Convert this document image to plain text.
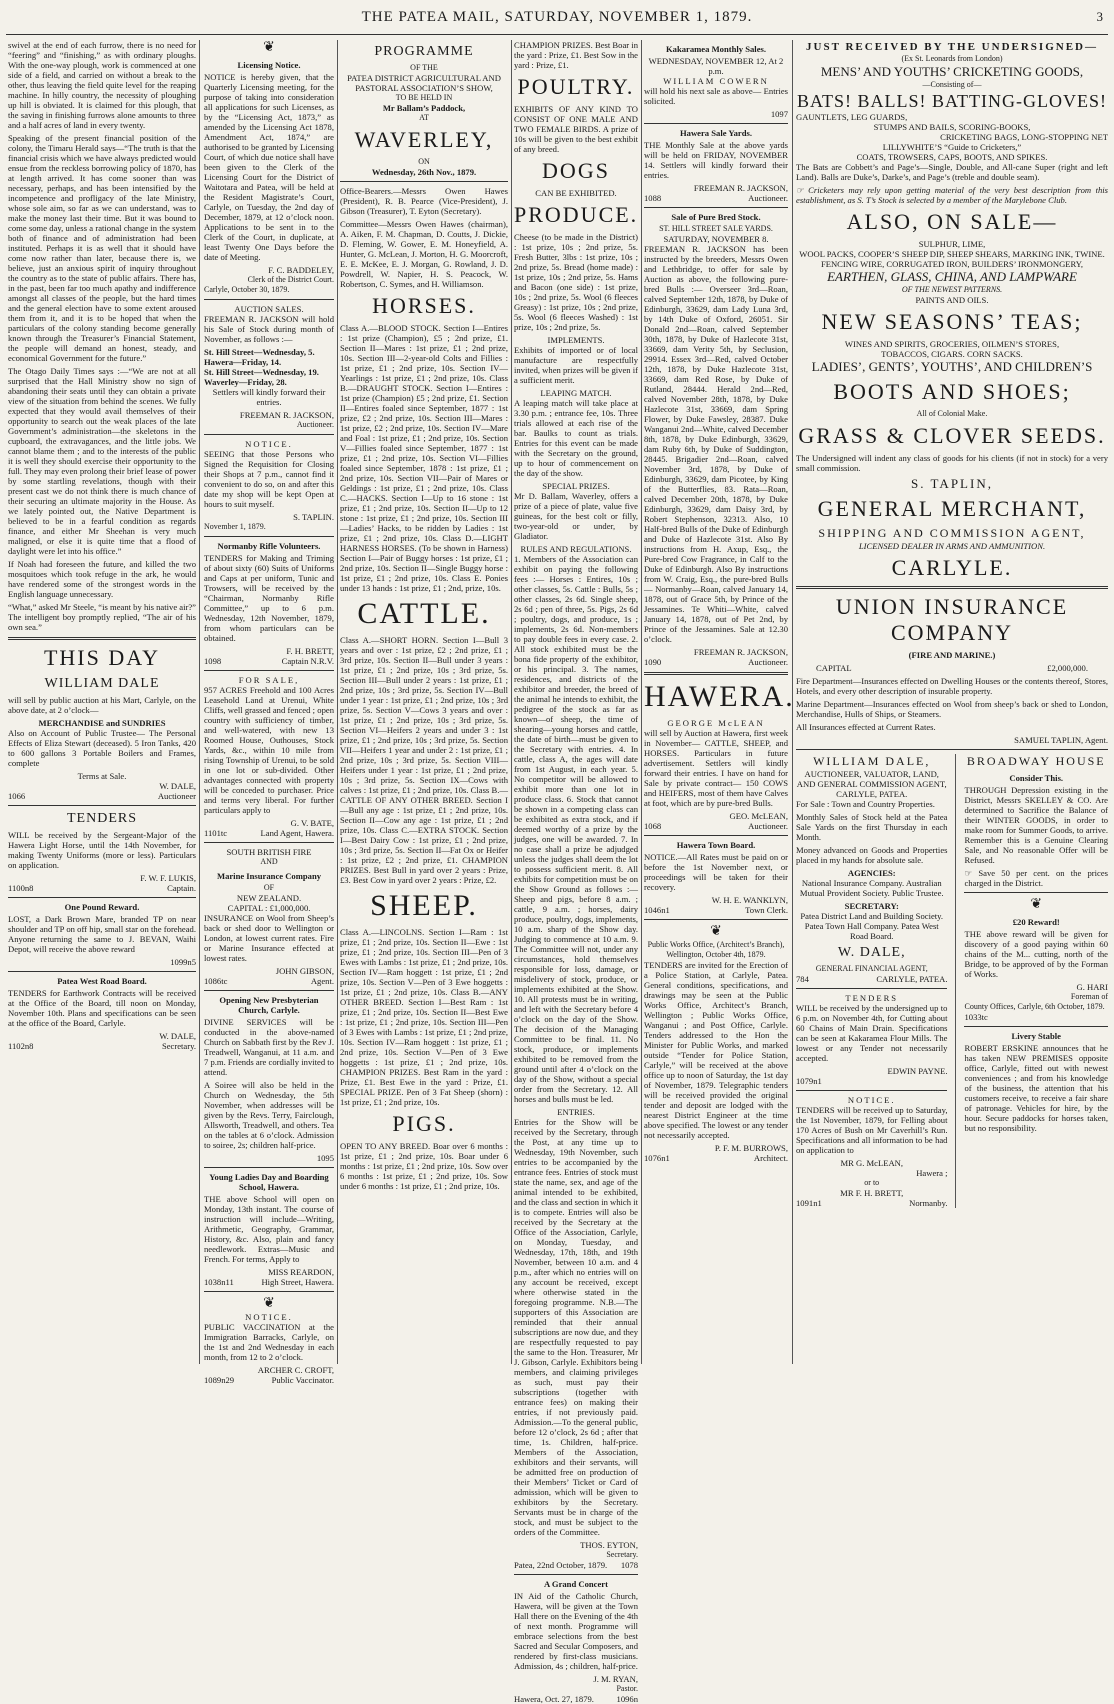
THE PATEA MAIL, SATURDAY, NOVEMBER 1, 1879.	3

swivel at the end of each furrow, there is no need for “feering” and “finishing,” as with ordinary ploughs. With the one-way plough, work is commenced at one side of a field, and carried on without a break to the other, thus leaving the field quite level for the reaping machine. In hilly country, the necessity of ploughing up hill is obviated. It is claimed for this plough, that the saving in finishing furrows alone amounts to three and a half acres of land in every twenty.

Speaking of the present financial position of the colony, the Timaru Herald says—“The truth is that the financial crisis which we have always predicted would ensue from the reckless borrowing policy of 1870, has at length arrived. It has come sooner than was necessary, perhaps, and has been intensified by the incompetence and profligacy of the late Ministry, whose sole aim, so far as we can understand, was to make the money last their time. But it was bound to come some day, unless a rational change in the system both of finance and of administration had been instituted. Perhaps it is as well that it should have come now rather than later, because there is, we believe, just an anxious spirit of inquiry throughout the country as to the state of public affairs. There has, in the past, been far too much apathy and indifference amongst all classes of the people, but the hard times and the general election have to some extent aroused them from it, and it is to be hoped that when the particulars of the colony standing become generally known through the Treasurer’s Financial Statement, the people will demand an honest, steady, and economical Government for the future.”

The Otago Daily Times says :—“We are not at all surprised that the Hall Ministry show no sign of abandoning their seats until they can obtain a private view of the situation from behind the scenes. We fully expected that they would avail themselves of their opportunity to search out the weak places of the late Government’s administration—the skeletons in the cupboard, the extravagances, and the little jobs. We cannot blame them ; and to the interests of the public it is well they should exercise their opportunity to the full. They may even prolong their brief lease of power by some startling revelations, though with their present cast we do not think there is much chance of their securing an ultimate majority in the House. As we lately pointed out, the Native Department is believed to be in a fearful condition as regards finance, and either Mr Sheehan is very much maligned, or else it is quite time that a flood of daylight were let into his office.”

If Noah had foreseen the future, and killed the two mosquitoes which took refuge in the ark, he would have rendered some of the strongest words in the English language unnecessary.

“What,” asked Mr Steele, “is meant by his native air?” The intelligent boy promptly replied, “The air of his own sea.”

THIS DAY
WILLIAM DALE

will sell by public auction at his Mart, Carlyle, on the above date, at 2 o’clock—

MERCHANDISE and SUNDRIES

Also on Account of Public Trustee— The Personal Effects of Eliza Stewart (deceased). 5 Iron Tanks, 420 to 600 gallons 3 Portable Boilers and Frames, complete

Terms at Sale.
W. DALE,
1066	Auctioneer
TENDERS

WILL be received by the Sergeant-Major of the Hawera Light Horse, until the 14th November, for making Twenty Uniforms (more or less). Particulars on application.

F. W. F. LUKIS,
1100n8	Captain.
One Pound Reward.

LOST, a Dark Brown Mare, branded TP on near shoulder and TP on off hip, small star on the forehead. Anyone returning the same to J. BEVAN, Waihi Depot, will receive the above reward

1099n5
Patea West Road Board.

TENDERS for Earthwork Contracts will be received at the Office of the Board, till noon on Monday, November 10th. Plans and specifications can be seen at the office of the Board, Carlyle.

W. DALE,
1102n8	Secretary.
❦
Licensing Notice.

NOTICE is hereby given, that the Quarterly Licensing meeting, for the purpose of taking into consideration all applications for such Licenses, as by the “Licensing Act, 1873,” as amended by the Licensing Act 1878, Amendment Act, 1874,” are authorised to be granted by Licensing Court, of which due notice shall have been given to the Clerk of the Licensing Court for the District of Waitotara and Patea, will be held at the Resident Magistrate’s Court, Carlyle, on Tuesday, the 2nd day of December, 1879, at 12 o’clock noon. Applications to be sent in to the Clerk of the Court, in duplicate, at least Twenty One Days before the date of Meeting.

F. C. BADDELEY,
Clerk of the District Court.
Carlyle, October 30, 1879.
AUCTION SALES.

FREEMAN R. JACKSON will hold his Sale of Stock during month of November, as follows :—

St. Hill Street—Wednesday, 5.
Hawera—Friday, 14.
St. Hill Street—Wednesday, 19.
Waverley—Friday, 28.

Settlers will kindly forward their entries.

FREEMAN R. JACKSON,
Auctioneer.
NOTICE.

SEEING that those Persons who Signed the Requisition for Closing their Shops at 7 p.m., cannot find it convenient to do so, on and after this date my shop will be kept Open at hours to suit myself.

S. TAPLIN.
November 1, 1879.
Normanby Rifle Volunteers.

TENDERS for Making and Triming of about sixty (60) Suits of Uniforms and Caps at per uniform, Tunic and Trowsers, will be received by the “Chairman, Normanby Rifle Committee,” up to 6 p.m. Wednesday, 12th November, 1879, from whom particulars can be obtained.

F. H. BRETT,
1098	Captain N.R.V.
FOR SALE,

957 ACRES Freehold and 100 Acres Leasehold Land at Urenui, White Cliffs, well grassed and fenced ; open country with sufficiency of timber, and well-watered, with new 13 Roomed House, Outhouses, Stock Yards, &c., within 10 mile from rising Township of Urenui, to be sold in one lot or sub-divided. Other advantages connected with property will be conceded to purchaser. Price and terms very liberal. For further particulars apply to

G. V. BATE,
1101tc	Land Agent, Hawera.
SOUTH BRITISH FIRE
AND
Marine Insurance Company
OF
NEW ZEALAND.
CAPITAL : £1,000,000.

INSURANCE on Wool from Sheep’s back or shed door to Wellington or London, at lowest current rates. Fire or Marine Insurance effected at lowest rates.

JOHN GIBSON,
1086tc	Agent.
Opening New Presbyterian Church, Carlyle.

DIVINE SERVICES will be conducted in the above-named Church on Sabbath first by the Rev J. Treadwell, Wanganui, at 11 a.m. and 7 p.m. Friends are cordially invited to attend.

A Soiree will also be held in the Church on Wednesday, the 5th November, when addresses will be given by the Revs. Terry, Fairclough, Allsworth, Treadwell, and others. Tea on the tables at 6 o’clock. Admission to soiree, 2s; children half-price.

1095
Young Ladies Day and Boarding School, Hawera.

THE above School will open on Monday, 13th instant. The course of instruction will include—Writing, Arithmetic, Geography, Grammar, History, &c. Also, plain and fancy needlework. Extras—Music and French. For terms, Apply to

MISS REARDON,
1038n11	High Street, Hawera.
❦
NOTICE.

PUBLIC VACCINATION at the Immigration Barracks, Carlyle, on the 1st and 2nd Wednesday in each month, from 12 to 2 o’clock.

ARCHER C. CROFT,
1089n29	Public Vaccinator.
PROGRAMME
OF THE
PATEA DISTRICT AGRICULTURAL AND PASTORAL ASSOCIATION’S SHOW,
TO BE HELD IN
Mr Ballam’s Paddock,
AT
WAVERLEY,
ON
Wednesday, 26th Nov., 1879.

Office-Bearers.—Messrs Owen Hawes (President), R. B. Pearce (Vice-President), J. Gibson (Treasurer), T. Eyton (Secretary).

Committee—Messrs Owen Hawes (chairman), A. Aiken, F. M. Chapman, D. Coutts, J. Dickie, D. Fleming, W. Gower, E. M. Honeyfield, A. Hunter, G. McLean, J. Morton, H. G. Moorcroft, E. E. McKee, E. J. Morgan, G. Rowland, J. D. Powdrell, W. Napier, H. S. Peacock, W. Robertson, C. Symes, and H. Williamson.

HORSES.

Class A.—BLOOD STOCK. Section I—Entires : 1st prize (Champion), £5 ; 2nd prize, £1. Section II—Mares : 1st prize, £1 ; 2nd prize, 10s. Section III—2-year-old Colts and Fillies : 1st prize, £1 ; 2nd prize, 10s. Section IV—Yearlings : 1st prize, £1 ; 2nd prize, 10s. Class B.—DRAUGHT STOCK. Section I—Entires : 1st prize (Champion) £5 ; 2nd prize, £1. Section II—Entires foaled since September, 1877 : 1st prize, £2 ; 2nd prize, 10s. Section III—Mares : 1st prize, £2 ; 2nd prize, 10s. Section IV—Mare and Foal : 1st prize, £1 ; 2nd prize, 10s. Section V—Fillies foaled since September, 1877 : 1st prize, £1 ; 2nd prize, 10s. Section VI—Fillies foaled since September, 1878 : 1st prize, £1 ; 2nd prize, 10s. Section VII—Pair of Mares or Geldings : 1st prize, £1 ; 2nd prize, 10s. Class C.—HACKS. Section I—Up to 16 stone : 1st prize, £1 ; 2nd prize, 10s. Section II—Up to 12 stone : 1st prize, £1 ; 2nd prize, 10s. Section III—Ladies’ Hacks, to be ridden by Ladies : 1st prize, £1 ; 2nd prize, 10s. Class D.—LIGHT HARNESS HORSES. (To be shown in Harness) Section I—Pair of Buggy horses : 1st prize, £1 ; 2nd prize, 10s. Section II—Single Buggy horse : 1st prize, £1 ; 2nd prize, 10s. Class E. Ponies under 13 hands : 1st prize, £1 ; 2nd, prize, 10s.

CATTLE.

Class A.—SHORT HORN. Section I—Bull 3 years and over : 1st prize, £2 ; 2nd prize, £1 ; 3rd prize, 10s. Section II—Bull under 3 years : 1st prize, £1 ; 2nd prize, 10s ; 3rd prize, 5s. Section III—Bull under 2 years : 1st prize, £1 ; 2nd prize, 10s ; 3rd prize, 5s. Section IV—Bull under 1 year : 1st prize, £1 ; 2nd prize, 10s ; 3rd prize, 5s. Section V—Cows 3 years and over : 1st prize, £1 ; 2nd prize, 10s ; 3rd prize, 5s. Section VI—Heifers 2 years and under 3 : 1st prize, £1 ; 2nd prize, 10s ; 3rd prize, 5s. Section VII—Heifers 1 year and under 2 : 1st prize, £1 ; 2nd prize, 10s ; 3rd prize, 5s. Section VIII—Heifers under 1 year : 1st prize, £1 ; 2nd prize, 10s ; 3rd prize, 5s. Section IX—Cows with calves : 1st prize, £1 ; 2nd prize, 10s. Class B.—CATTLE OF ANY OTHER BREED. Section I—Bull any age : 1st prize, £1 ; 2nd prize, 10s. Section II—Cow any age : 1st prize, £1 ; 2nd prize, 10s. Class C.—EXTRA STOCK. Section I—Best Dairy Cow : 1st prize, £1 ; 2nd prize, 10s ; 3rd prize, 5s. Section II—Fat Ox or Heifer : 1st prize, £2 ; 2nd prize, £1. CHAMPION PRIZES. Best Bull in yard over 2 years : Prize, £3. Best Cow in yard over 2 years : Prize, £2.

SHEEP.

Class A.—LINCOLNS. Section I—Ram : 1st prize, £1 ; 2nd prize, 10s. Section II—Ewe : 1st prize, £1 ; 2nd prize, 10s. Section III—Pen of 3 Ewes with Lambs : 1st prize, £1 ; 2nd prize, 10s. Section IV—Ram hoggett : 1st prize, £1 ; 2nd prize, 10s. Section V—Pen of 3 Ewe hoggetts : 1st prize, £1 ; 2nd prize, 10s. Class B.—ANY OTHER BREED. Section I—Best Ram : 1st prize, £1 ; 2nd prize, 10s. Section II—Best Ewe : 1st prize, £1 ; 2nd prize, 10s. Section III—Pen of 3 Ewes with Lambs : 1st prize, £1 ; 2nd prize, 10s. Section IV—Ram hoggett : 1st prize, £1 ; 2nd prize, 10s. Section V—Pen of 3 Ewe hoggetts : 1st prize, £1 ; 2nd prize, 10s. CHAMPION PRIZES. Best Ram in the yard : Prize, £1. Best Ewe in the yard : Prize, £1. SPECIAL PRIZE. Pen of 3 Fat Sheep (shorn) : 1st prize, £1 ; 2nd prize, 10s.

PIGS.

OPEN TO ANY BREED. Boar over 6 months : 1st prize, £1 ; 2nd prize, 10s. Boar under 6 months : 1st prize, £1 ; 2nd prize, 10s. Sow over 6 months : 1st prize, £1 ; 2nd prize, 10s. Sow under 6 months : 1st prize, £1 ; 2nd prize, 10s.

CHAMPION PRIZES. Best Boar in the yard : Prize, £1. Best Sow in the yard : Prize, £1.

POULTRY.

EXHIBITS OF ANY KIND TO CONSIST OF ONE MALE AND TWO FEMALE BIRDS. A prize of 10s will be given to the best exhibit of any breed.

DOGS
CAN BE EXHIBITED.
PRODUCE.

Cheese (to be made in the District) : 1st prize, 10s ; 2nd prize, 5s. Fresh Butter, 3lbs : 1st prize, 10s ; 2nd prize, 5s. Bread (home made) : 1st prize, 10s ; 2nd prize, 5s. Hams and Bacon (one side) : 1st prize, 10s ; 2nd prize, 5s. Wool (6 fleeces Greasy) : 1st prize, 10s ; 2nd prize, 5s. Wool (6 fleeces Washed) : 1st prize, 10s ; 2nd prize, 5s.

IMPLEMENTS.

Exhibits of imported or of local manufacture are respectfully invited, when prizes will be given if a sufficient merit.

LEAPING MATCH.

A leaping match will take place at 3.30 p.m. ; entrance fee, 10s. Three trials allowed at each rise of the bar. Baulks to count as trials. Entries for this event can be made with the Secretary on the ground, up to hour of commencement on the day of the show.

SPECIAL PRIZES.

Mr D. Ballam, Waverley, offers a prize of a piece of plate, value five guineas, for the best colt or filly, two-year-old or under, by Gladiator.

RULES AND REGULATIONS.

1. Members of the Association can exhibit on paying the following fees :— Horses : Entires, 10s ; other classes, 5s. Cattle : Bulls, 5s ; other classes, 2s 6d. Single sheep, 2s 6d ; pen of three, 5s. Pigs, 2s 6d ; poultry, dogs, and produce, 1s ; implements, 2s 6d. Non-members to pay double fees in every case. 2. All stock exhibited must be the bona fide property of the exhibitor, or his principal. 3. The names, residences, and districts of the exhibitor and breeder, the breed of the animal he intends to exhibit, the pedigree of the stock as far as known—of sheep, the time of shearing—young horses and cattle, the date of birth—must be given to the Secretary with entries. 4. In cattle, class A, the ages will date from 1st August, in each year. 5. No competitor will be allowed to exhibit more than one lot in produce class. 6. Stock that cannot be shown in a competing class can be exhibited as extra stock, and if deemed worthy of a prize by the judges, one will be awarded. 7. In no case shall a prize be adjudged unless the judges shall deem the lot to possess sufficient merit. 8. All exhibits for competition must be on the Show Ground as follows :—Sheep and pigs, before 8 a.m. ; cattle, 9 a.m. ; horses, dairy produce, poultry, dogs, implements, 10 a.m. sharp of the Show day. Judging to commence at 10 a.m. 9. The Committee will not, under any circumstances, hold themselves responsible for loss, damage, or misdelivery of stock, produce, or implements exhibited at the Show. 10. All protests must be in writing, and left with the Secretary before 4 o’clock on the day of the Show. The decision of the Managing Committee to be final. 11. No stock, produce, or implements exhibited to be removed from the ground until after 4 o’clock on the day of the Show, without a special order from the Secretary. 12. All horses and bulls must be led.

ENTRIES.

Entries for the Show will be received by the Secretary, through the Post, at any time up to Wednesday, 19th November, such entries to be accompanied by the entrance fees. Entries of stock must state the name, sex, and age of the animal intended to be exhibited, and the class and section in which it is to compete. Entries will also be received by the Secretary at the Office of the Association, Carlyle, on Monday, Tuesday, and Wednesday, 17th, 18th, and 19th November, between 10 a.m. and 4 p.m., after which no entries will on any account be received, except where otherwise stated in the foregoing programme. N.B.—The supporters of this Association are reminded that their annual subscriptions are now due, and they are respectfully requested to pay the same to the Hon. Treasurer, Mr J. Gibson, Carlyle. Exhibitors being members, and claiming privileges as such, must pay their subscriptions (together with entrance fees) on making their entries, if not previously paid. Admission.—To the general public, before 12 o’clock, 2s 6d ; after that time, 1s. Children, half-price. Members of the Association, exhibitors and their servants, will be admitted free on production of their Members’ Ticket or Card of admission, which will be given to exhibitors by the Secretary. Servants must be in charge of the stock, and must be subject to the orders of the Committee.

THOS. EYTON,
Secretary.
Patea, 22nd October, 1879. 1078
A Grand Concert

IN Aid of the Catholic Church, Hawera, will be given at the Town Hall there on the Evening of the 4th of next month. Programme will embrace selections from the best Sacred and Secular Composers, and rendered by first-class musicians. Admission, 4s ; children, half-price.

J. M. RYAN,
Pastor.
Hawera, Oct. 27, 1879.	1096n
Kakaramea Monthly Sales.
WEDNESDAY, NOVEMBER 12, At 2 p.m.
WILLIAM COWERN

will hold his next sale as above— Entries solicited.

1097
Hawera Sale Yards.

THE Monthly Sale at the above yards will be held on FRIDAY, NOVEMBER 14. Settlers will kindly forward their entries.

FREEMAN R. JACKSON,
1088	Auctioneer.
Sale of Pure Bred Stock.
ST. HILL STREET SALE YARDS.
SATURDAY, NOVEMBER 8.

FREEMAN R. JACKSON has been instructed by the breeders, Messrs Owen and Lethbridge, to offer for sale by Auction as above, the following pure-bred Bulls :— Overseer 3rd—Roan, calved September 12th, 1878, by Duke of Edinburgh, 33629, dam Lady Luna 3rd, by 14th Duke of Oxford, 26051. Sir Donald 2nd—Roan, calved September 30th, 1878, by Duke of Hazlecote 31st, 33669, dam Verity 5th, by Seclusion, 29914. Essex 3rd—Red, calved October 12th, 1878, by Duke Hazlecote 31st, 33669, dam Red Rose, by Duke of Rutland, 28444. Herald 2nd—Red, calved November 28th, 1878, by Duke Hazlecote 31st, 33669, dam Spring Flower, by Duke Fawsley, 28387. Duke Wanganui 2nd—White, calved December 8th, 1878, by Duke Edinburgh, 33629, dam Ruby 6th, by Duke of Suddington, 28445. Brigadier 2nd—Roan, calved November 3rd, 1878, by Duke of Edinburgh, 33629, dam Picotee, by King of the Butterflies, 83. Rata—Roan, calved December 20th, 1878, by Duke Edinburgh, 33629, dam Daisy 3rd, by Robert Stephenson, 32313. Also, 10 Half-bred Bulls of the Duke of Edinburgh and Duke of Hazlecote 31st. Also By instructions from H. Axup, Esq., the Pure-bred Cow Fragrance, in Calf to the Duke of Edinburgh. Also By instructions from W. Craig, Esq., the pure-bred Bulls— Normanby—Roan, calved January 14, 1878, out of Grace 5th, by Prince of the Jessamines. Te Whiti—White, calved January 14, 1878, out of Pet 2nd, by Prince of the Jessamines. Sale at 12.30 o’clock.

FREEMAN R. JACKSON,
1090	Auctioneer.
HAWERA.
GEORGE McLEAN

will sell by Auction at Hawera, first week in November— CATTLE, SHEEP, and HORSES. Particulars in future advertisement. Settlers will kindly forward their entries. I have on hand for Sale by private contract— 150 COWS and HEIFERS, most of them have Calves at foot, which are by pure-bred Bulls.

GEO. McLEAN,
1068	Auctioneer.
Hawera Town Board.

NOTICE.—All Rates must be paid on or before the 1st November next, or proceedings will be taken for their recovery.

W. H. E. WANKLYN,
1046n1	Town Clerk.
❦
Public Works Office, (Architect’s Branch), Wellington, October 4th, 1879.

TENDERS are invited for the Erection of a Police Station, at Carlyle, Patea. General conditions, specifications, and drawings may be seen at the Public Works Office, Architect’s Branch, Wellington ; Public Works Office, Wanganui ; and Post Office, Carlyle. Tenders addressed to the Hon the Minister for Public Works, and marked outside “Tender for Police Station, Carlyle,” will be received at the above office up to noon of Saturday, the 1st day of November, 1879. Telegraphic tenders will be received provided the original tender and deposit are lodged with the nearest District Engineer at the time above specified. The lowest or any tender not necessarily accepted.

P. F. M. BURROWS,
1076n1	Architect.
JUST RECEIVED BY THE UNDERSIGNED—
(Ex St. Leonards from London)
MENS’ AND YOUTHS’ CRICKETING GOODS,
—Consisting of—
BATS! BALLS! BATTING-GLOVES!
GAUNTLETS, LEG GUARDS,
STUMPS AND BAILS, SCORING-BOOKS,
CRICKETING BAGS, LONG-STOPPING NET
LILLYWHITE’S “Guide to Cricketers,”
COATS, TROWSERS, CAPS, BOOTS, AND SPIKES.

The Bats are Cobbett’s and Page’s—Single, Double, and All-cane Super (right and left Land). Balls are Duke’s, Darke’s, and Page’s (treble and double seam).

☞ Cricketers may rely upon getting material of the very best description from this establishment, as S. T’s Stock is selected by a member of the Marylebone Club.

ALSO, ON SALE—
SULPHUR, LIME,
WOOL PACKS, COOPER’S SHEEP DIP, SHEEP SHEARS, MARKING INK, TWINE.
FENCING WIRE, CORRUGATED IRON, BUILDERS’ IRONMONGERY,
EARTHEN, GLASS, CHINA, AND LAMPWARE
OF THE NEWEST PATTERNS.
PAINTS AND OILS.
NEW SEASONS’ TEAS;
WINES AND SPIRITS, GROCERIES, OILMEN’S STORES,
TOBACCOS, CIGARS. CORN SACKS.
LADIES’, GENTS’, YOUTHS’, AND CHILDREN’S
BOOTS AND SHOES;
All of Colonial Make.
GRASS & CLOVER SEEDS.

The Undersigned will indent any class of goods for his clients (if not in stock) for a very small commission.

S. TAPLIN,
GENERAL MERCHANT,
SHIPPING AND COMMISSION AGENT,
LICENSED DEALER IN ARMS AND AMMUNITION.
CARLYLE.
UNION INSURANCE COMPANY
(FIRE AND MARINE.)
CAPITAL	£2,000,000.

Fire Department—Insurances effected on Dwelling Houses or the contents thereof, Stores, Hotels, and every other description of insurable property.

Marine Department—Insurances effected on Wool from sheep’s back or shed to London, Merchandise, Hulls of Ships, or Steamers.

All Insurances effected at Current Rates.

SAMUEL TAPLIN, Agent.
WILLIAM DALE,
AUCTIONEER, VALUATOR, LAND, AND GENERAL COMMISSION AGENT, CARLYLE, PATEA.

For Sale : Town and Country Properties.

Monthly Sales of Stock held at the Patea Sale Yards on the first Thursday in each Month.

Money advanced on Goods and Properties placed in my hands for absolute sale.

AGENCIES:

National Insurance Company. Australian Mutual Provident Society. Public Trustee.

SECRETARY:

Patea District Land and Building Society. Patea Town Hall Company. Patea West Road Board.

W. DALE,
GENERAL FINANCIAL AGENT,
784	CARLYLE, PATEA.
TENDERS

WILL be received by the undersigned up to 6 p.m. on November 4th, for Cutting about 60 Chains of Main Drain. Specifications can be seen at Kakaramea Flour Mills. The lowest or any Tender not necessarily accepted.

EDWIN PAYNE.
1079n1
NOTICE.

TENDERS will be received up to Saturday, the 1st November, 1879, for Felling about 170 Acres of Bush on Mr Caverhill’s Run. Specifications and all information to be had on application to

MR G. McLEAN,
Hawera ;
or to
MR F. H. BRETT,
1091n1	Normanby.
BROADWAY HOUSE
Consider This.

THROUGH Depression existing in the District, Messrs SKELLEY & CO. Are determined to Sacrifice the Balance of their WINTER GOODS, in order to make room for Summer Goods, to arrive. Remember this is a Genuine Clearing Sale, and No reasonable Offer will be Refused.

☞ Save 50 per cent. on the prices charged in the District.

❦
£20 Reward!

THE above reward will be given for discovery of a good paying within 60 chains of the M... cutting, north of the Bridge, to be approved of by the Forman of Works.

G. HARI
Foreman of
County Offices, Carlyle, 6th October, 1879.
1033tc
Livery Stable

ROBERT ERSKINE announces that he has taken NEW PREMISES opposite office, Carlyle, fitted out with newest conveniences ; and from his knowledge of the business, the attention that his customers receive, to receive a fair share of patronage. Vehicles for hire, by the hour. Secure paddocks for horses taken, but no responsibility.
